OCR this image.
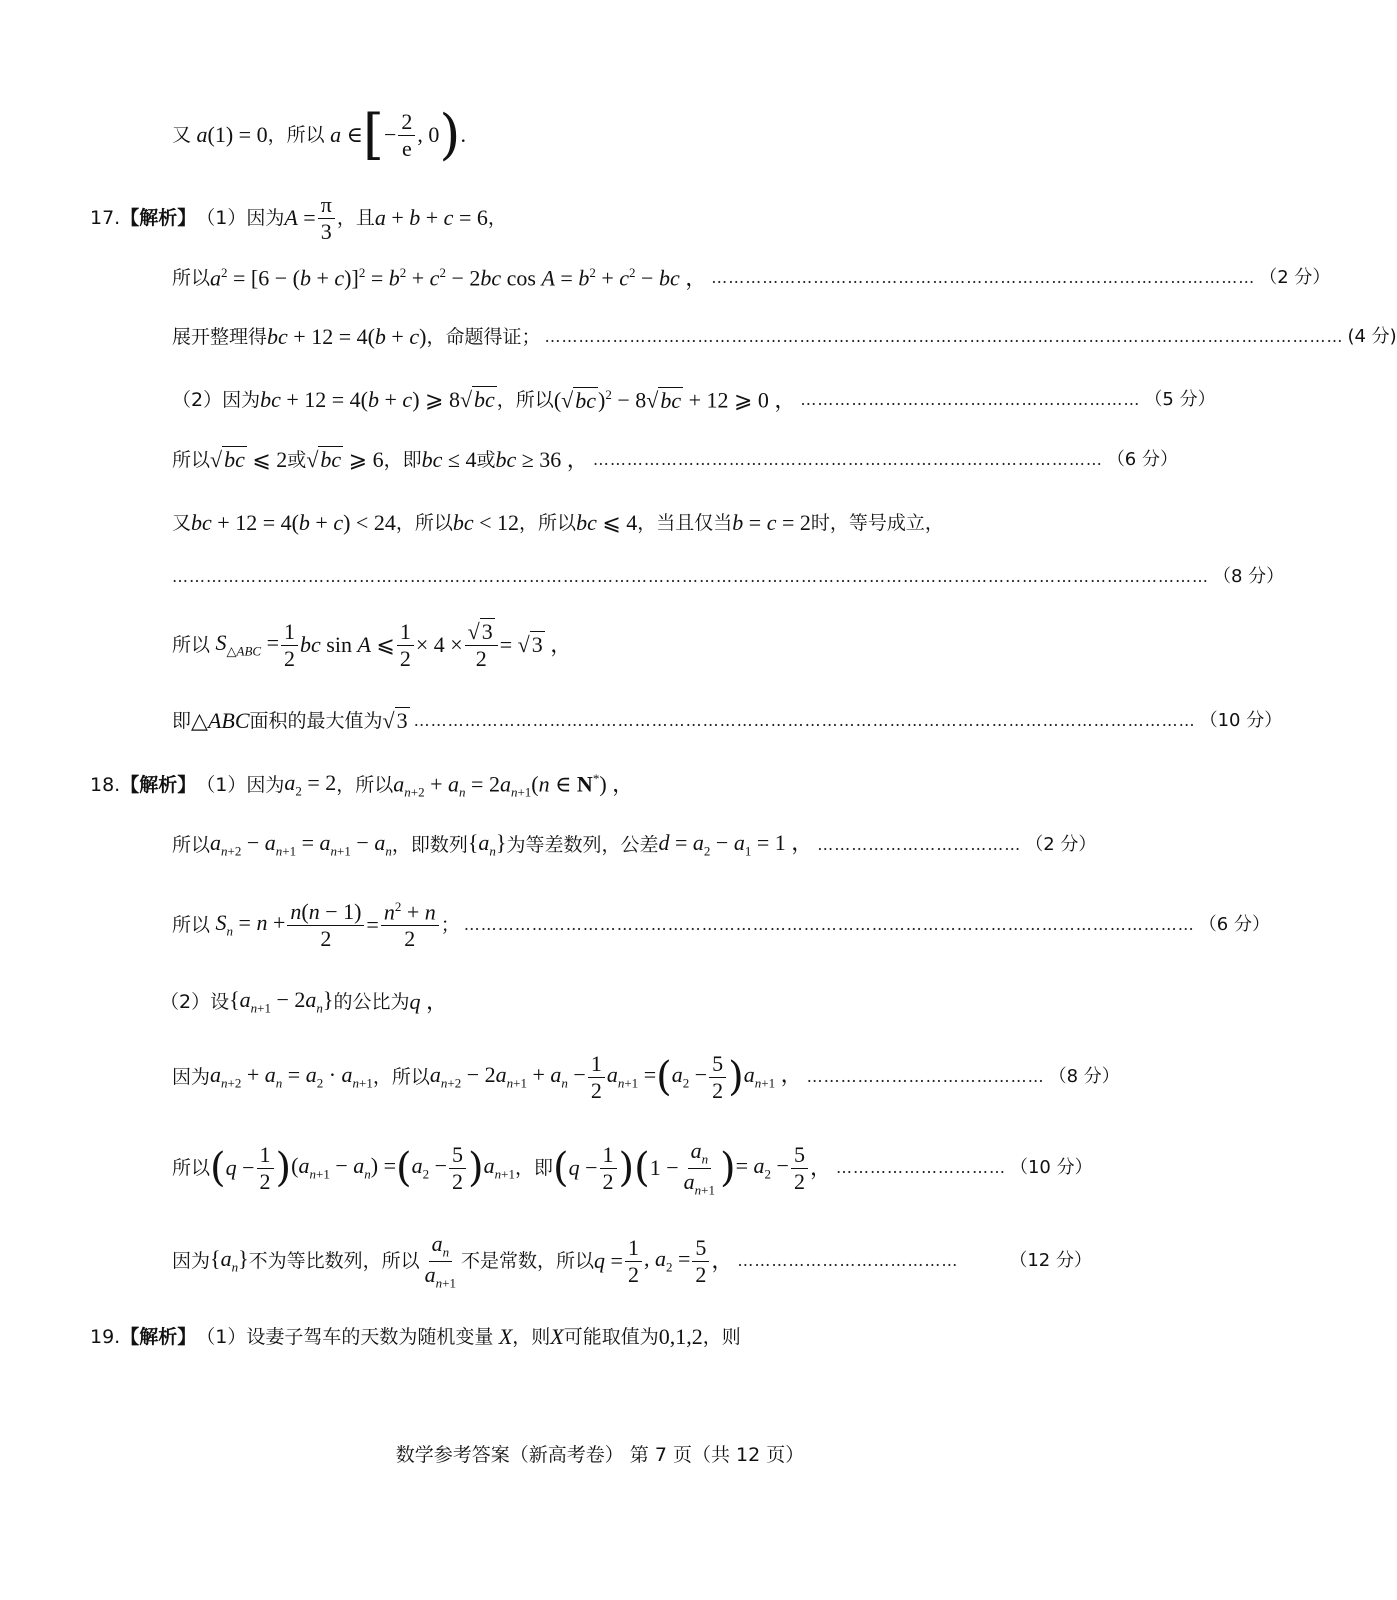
又 a(1) = 0 ，所以 a ∈ [ − $\frac{2}{e}$ , 0 ) .
17. 【解析】 （1）因为 $A = \frac{\pi}{3}$ ，且 a + b + c = 6 ，
所以 $a^2 = [6 - (b + c)]^2 = b^2 + c^2 - 2bc$ $\cos A = b^2 + c^2$ − bc ， …………………………………………………………………………………… （2 分）
展开整理得 bc + 12 = 4(b + c) ，命题得证； …………………………………………………………………………………………………………………………… (4 分)
（2）因为 bc + 12 = 4(b + c) ⩾ 8√bc ，所以 $(√bc)^2 - 8√bc + 12$ ⩾ 0 ， …………………………………………………… （5 分）
所以 √bc ⩽ 2 或 √bc ⩾ 6 ，即 bc ≤ 4 或 bc ≥ 36 ， ……………………………………………………………………………… （6 分）
又 bc + 12 = 4(b + c) < 24 ，所以 bc < 12 ，所以 bc ⩽ 4 ，当且仅当 b = c = 2 时，等号成立，
………………………………………………………………………………………………………………………………………………………………… （8 分）
所以 $S_{\triangle ABC} = \frac{1}{2}$ bc sin A ⩽ $\frac{1}{2} \times 4 \times \frac{√3}{2} = √3$ ，
即 △ABC 面积的最大值为 √3 ………………………………………………………………………………………………………………………… （10 分）
18. 【解析】 （1）因为 $a_2 = 2$ ，所以 $a_{n+2} + a_n = 2a_{n+1}(n$ ∈ N*) ，
所以 $a_{n+2} - a_{n+1} = a_{n+1} - a_n$ ，即数列 $\{a_n\}$ 为等差数列，公差 $d = a_2 - a_1 = 1$ ， ……………………………… （2 分）
所以 $S_n = n + \frac{n(n - 1)}{2} = \frac{n^2 + n}{2}$ ； ………………………………………………………………………………………………………………… （6 分）
（2）设 $\{a_{n+1} - 2a_n\}$ 的公比为 q ，
因为 $a_{n+2} + a_n = a_2 \cdot a_{n+1}$ ，所以 $a_{n+2} - 2a_{n+1} + a_n - \frac{1}{2} a_{n+1}$ = ( $a_2 - \frac{5}{2}$ ) $a_{n+1}$ ， …………………………………… （8 分）
所以 ( $q - \frac{1}{2}$ ) $(a_{n+1} - a_n)$ = ( $a_2 - \frac{5}{2}$ ) $a_{n+1}$ ，即 ( $q - \frac{1}{2}$ )( $1 - \frac{a_n}{a_{n+1}}$ ) = $a_2 - \frac{5}{2}$ ， ………………………… （10 分）
因为 $\{a_n\}$ 不为等比数列，所以 $\frac{a_n}{a_{n+1}}$ 不是常数，所以 $q = \frac{1}{2}$ , $a_2 = \frac{5}{2}$ ， …………………………………	（12 分）
19. 【解析】 （1）设妻子驾车的天数为随机变量 X ，则 X 可能取值为 0,1,2 ，则
数学参考答案（新高考卷） 第 7 页（共 12 页）
